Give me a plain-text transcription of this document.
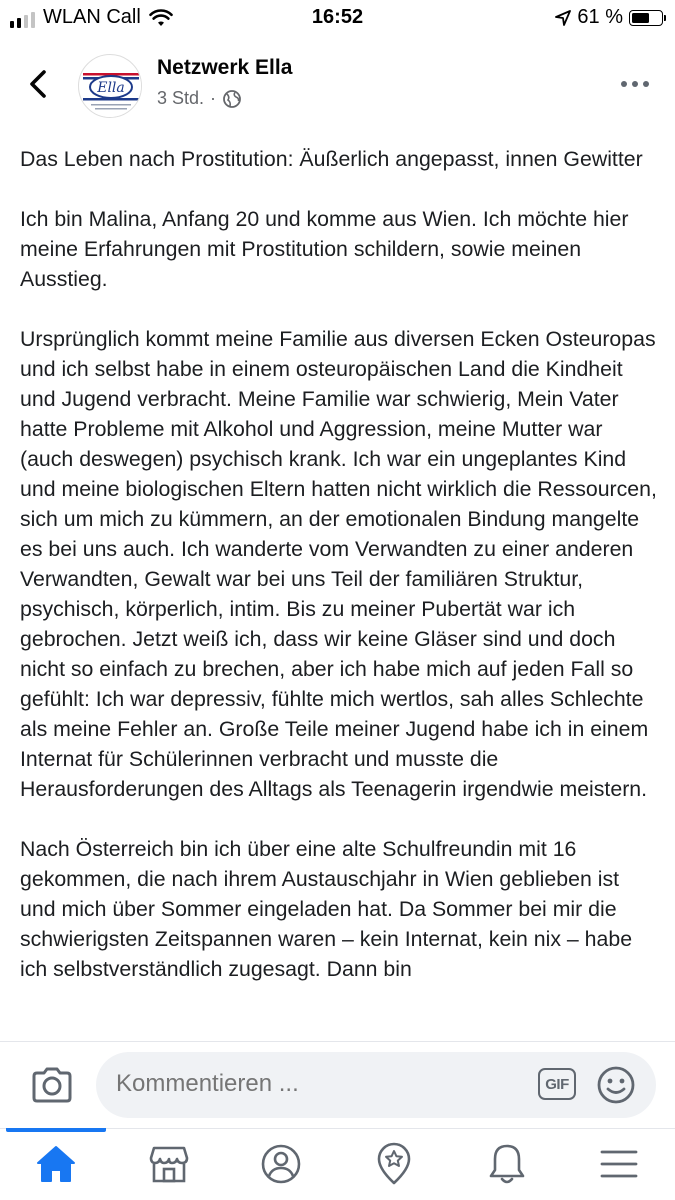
WLAN Call	16:52	61 %
Ella
Netzwerk Ella
3 Std. ·

Das Leben nach Prostitution: Äußerlich angepasst, innen Gewitter

Ich bin Malina, Anfang 20 und komme aus Wien. Ich möchte hier meine Erfahrungen mit Prostitution schildern, sowie meinen Ausstieg.

Ursprünglich kommt meine Familie aus diversen Ecken Osteuropas und ich selbst habe in einem osteuropäischen Land die Kindheit und Jugend verbracht. Meine Familie war schwierig, Mein Vater hatte Probleme mit Alkohol und Aggression, meine Mutter war (auch deswegen) psychisch krank. Ich war ein ungeplantes Kind und meine biologischen Eltern hatten nicht wirklich die Ressourcen, sich um mich zu kümmern, an der emotionalen Bindung mangelte es bei uns auch. Ich wanderte vom Verwandten zu einer anderen Verwandten, Gewalt war bei uns Teil der familiären Struktur, psychisch, körperlich, intim. Bis zu meiner Pubertät war ich gebrochen. Jetzt weiß ich, dass wir keine Gläser sind und doch nicht so einfach zu brechen, aber ich habe mich auf jeden Fall so gefühlt: Ich war depressiv, fühlte mich wertlos, sah alles Schlechte als meine Fehler an. Große Teile meiner Jugend habe ich in einem Internat für Schülerinnen verbracht und musste die Herausforderungen des Alltags als Teenagerin irgendwie meistern.

Nach Österreich bin ich über eine alte Schulfreundin mit 16 gekommen, die nach ihrem Austauschjahr in Wien geblieben ist und mich über Sommer eingeladen hat. Da Sommer bei mir die schwierigsten Zeitspannen waren – kein Internat, kein nix – habe ich selbstverständlich zugesagt. Dann bin

Kommentieren ...
GIF
